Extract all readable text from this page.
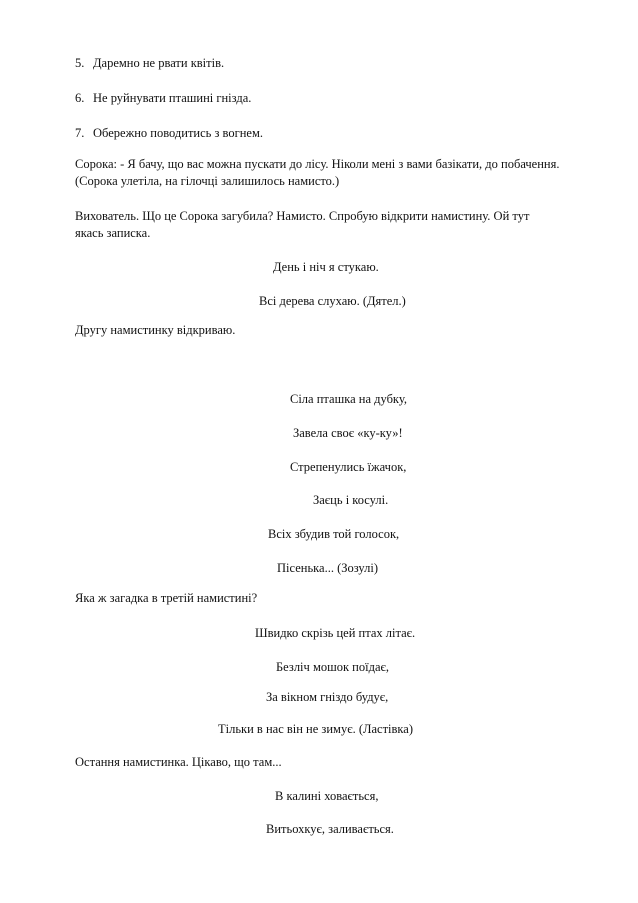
5. Даремно не рвати квітів.
6. Не руйнувати пташині гнізда.
7. Обережно поводитись з вогнем.
Сорока: - Я бачу, що вас можна пускати до лісу. Ніколи мені з вами базікати, до побачення. (Сорока улетіла, на гілочці залишилось намисто.)
Вихователь. Що це Сорока загубила? Намисто. Спробую відкрити намистину. Ой тут якась записка.
День і ніч я стукаю.
Всі дерева слухаю. (Дятел.)
Другу намистинку відкриваю.
Сіла пташка на дубку,
Завела своє «ку-ку»!
Стрепенулись їжачок,
Заєць і косулі.
Всіх збудив той голосок,
Пісенька... (Зозулі)
Яка ж загадка в третій намистині?
Швидко скрізь цей птах літає.
Безліч мошок поїдає,
За вікном гніздо будує,
Тільки в нас він не зимує. (Ластівка)
Остання намистинка. Цікаво, що там...
В калині ховається,
Витьохкує, заливається.
